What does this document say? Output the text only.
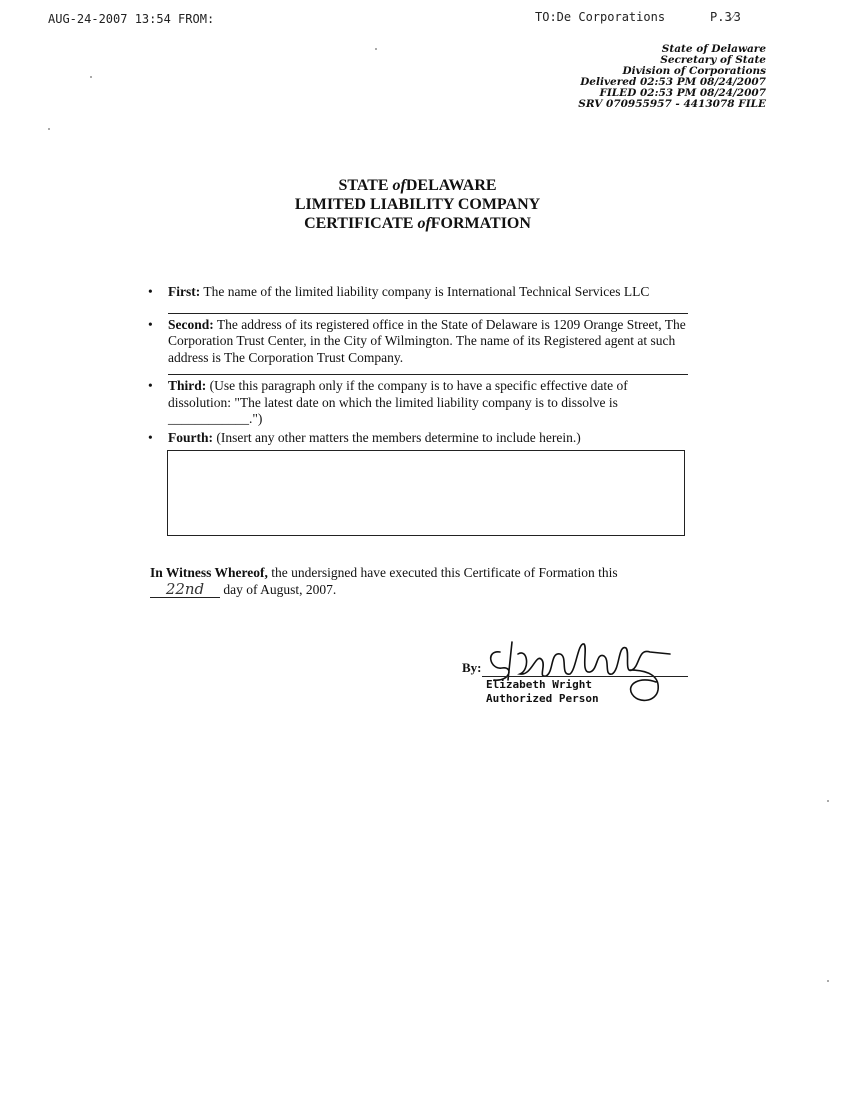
AUG-24-2007 13:54 FROM:	TO:De Corporations	P.3⁄3
State of Delaware
Secretary of State
Division of Corporations
Delivered 02:53 PM 08/24/2007
FILED 02:53 PM 08/24/2007
SRV 070955957 - 4413078 FILE
STATE ofDELAWARE
LIMITED LIABILITY COMPANY
CERTIFICATE ofFORMATION
• First: The name of the limited liability company is International Technical Services LLC
• Second: The address of its registered office in the State of Delaware is 1209 Orange Street, The Corporation Trust Center, in the City of Wilmington. The name of its Registered agent at such address is The Corporation Trust Company.
• Third: (Use this paragraph only if the company is to have a specific effective date of dissolution: "The latest date on which the limited liability company is to dissolve is
____________.")
• Fourth: (Insert any other matters the members determine to include herein.)
In Witness Whereof, the undersigned have executed this Certificate of Formation this
22nd day of August, 2007.
By:
Elizabeth Wright
Authorized Person
